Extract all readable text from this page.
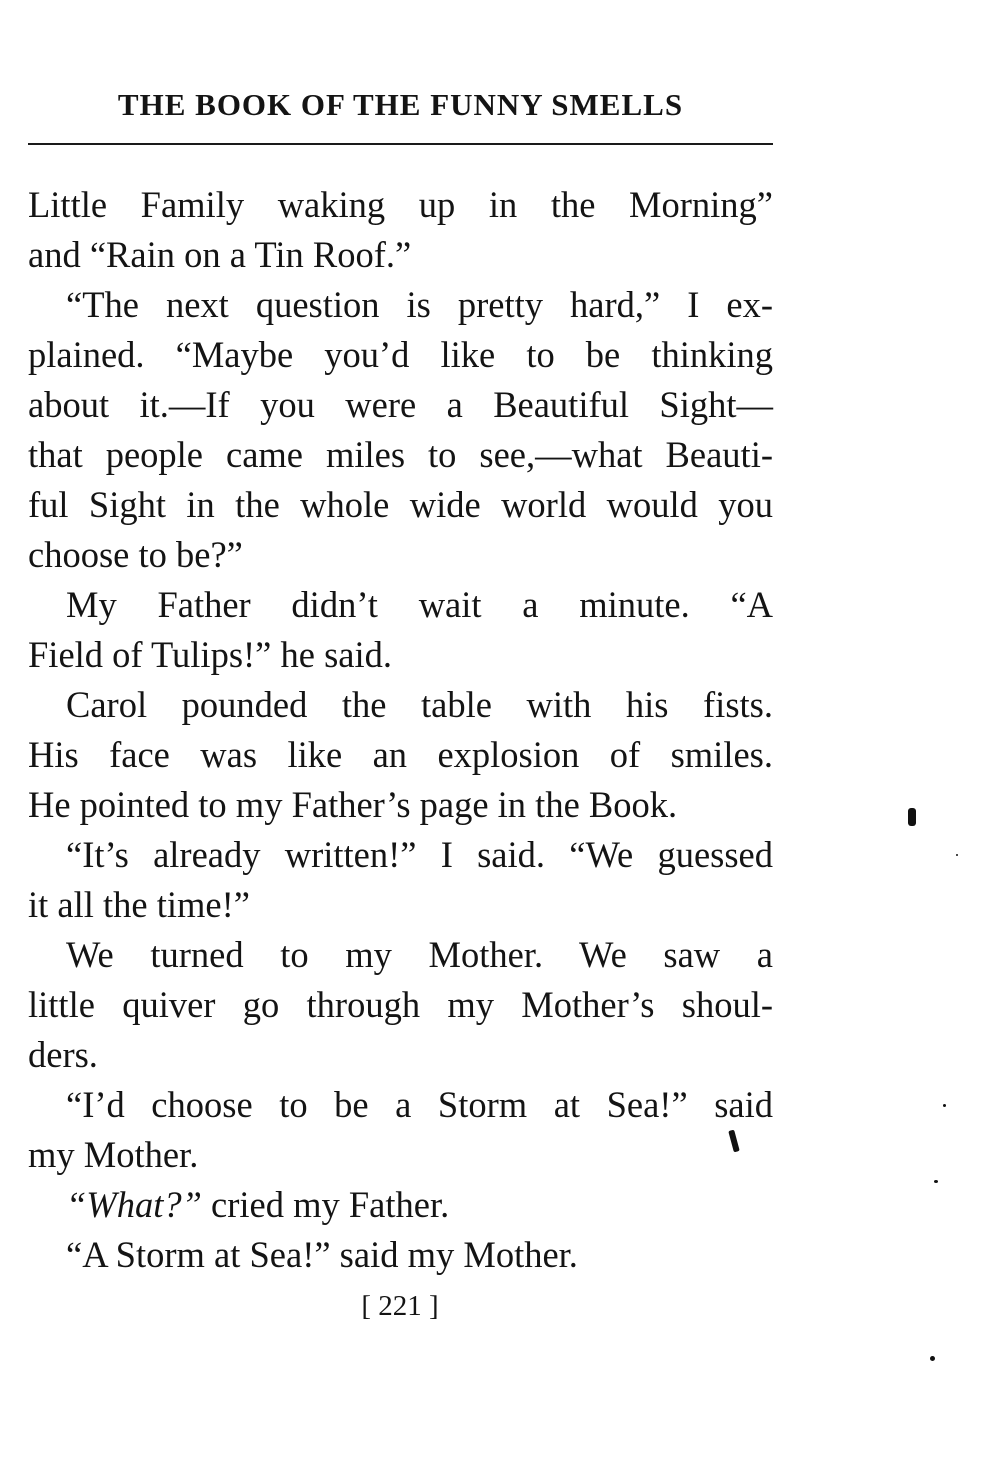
THE BOOK OF THE FUNNY SMELLS

Little Family waking up in the Morning”
and “Rain on a Tin Roof.”

“The next question is pretty hard,” I ex-
plained. “Maybe you’d like to be thinking
about it.—If you were a Beautiful Sight—
that people came miles to see,—what Beauti-
ful Sight in the whole wide world would you
choose to be?”

My Father didn’t wait a minute. “A
Field of Tulips!” he said.

Carol pounded the table with his fists.
His face was like an explosion of smiles.
He pointed to my Father’s page in the Book.

“It’s already written!” I said. “We guessed
it all the time!”

We turned to my Mother. We saw a
little quiver go through my Mother’s shoul-
ders.

“I’d choose to be a Storm at Sea!” said
my Mother.

“What?” cried my Father.

“A Storm at Sea!” said my Mother.

[ 221 ]
